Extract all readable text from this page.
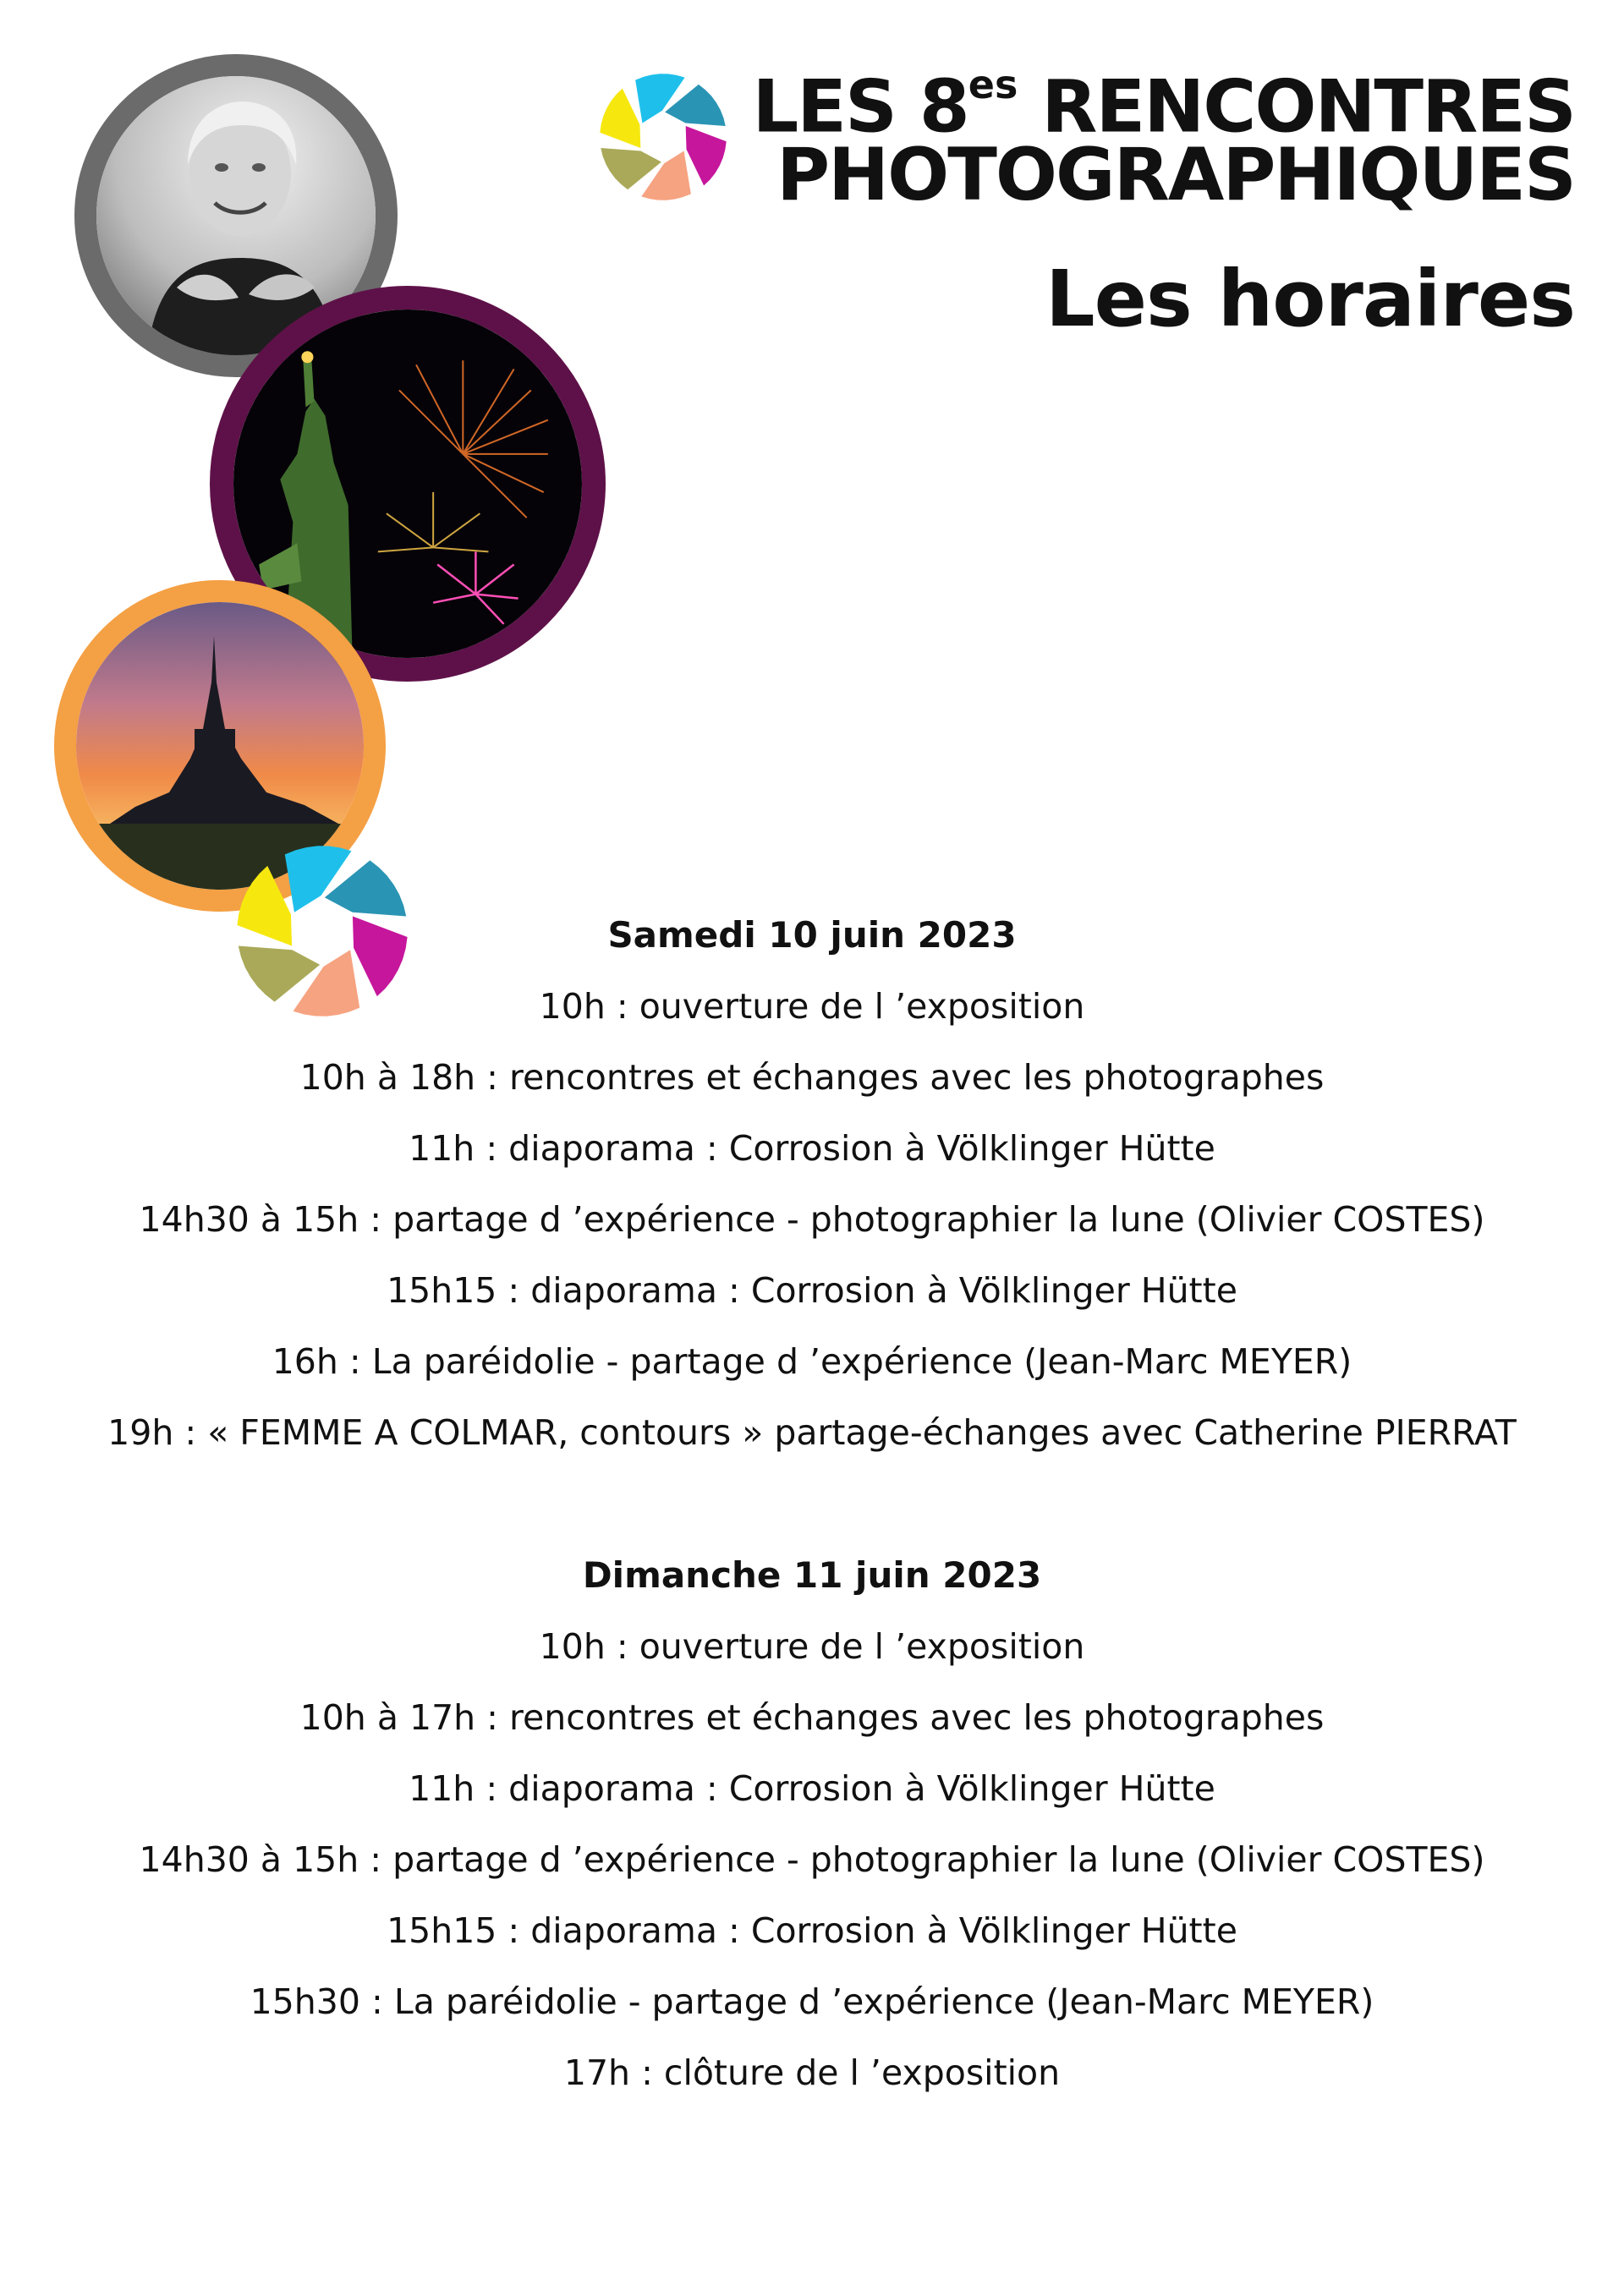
LES $8^{es}$ RENCONTRES
PHOTOGRAPHIQUES
Les horaires
Samedi 10 juin 2023
10h : ouverture de l ’exposition
10h à 18h : rencontres et échanges avec les photographes
11h : diaporama : Corrosion à Völklinger Hütte
14h30 à 15h : partage d ’expérience - photographier la lune (Olivier COSTES)
15h15 : diaporama : Corrosion à Völklinger Hütte
16h : La paréidolie - partage d ’expérience (Jean-Marc MEYER)
19h : « FEMME A COLMAR, contours » partage-échanges avec Catherine PIERRAT
Dimanche 11 juin 2023
10h : ouverture de l ’exposition
10h à 17h : rencontres et échanges avec les photographes
11h : diaporama : Corrosion à Völklinger Hütte
14h30 à 15h : partage d ’expérience - photographier la lune (Olivier COSTES)
15h15 : diaporama : Corrosion à Völklinger Hütte
15h30 : La paréidolie - partage d ’expérience (Jean-Marc MEYER)
17h : clôture de l ’exposition
